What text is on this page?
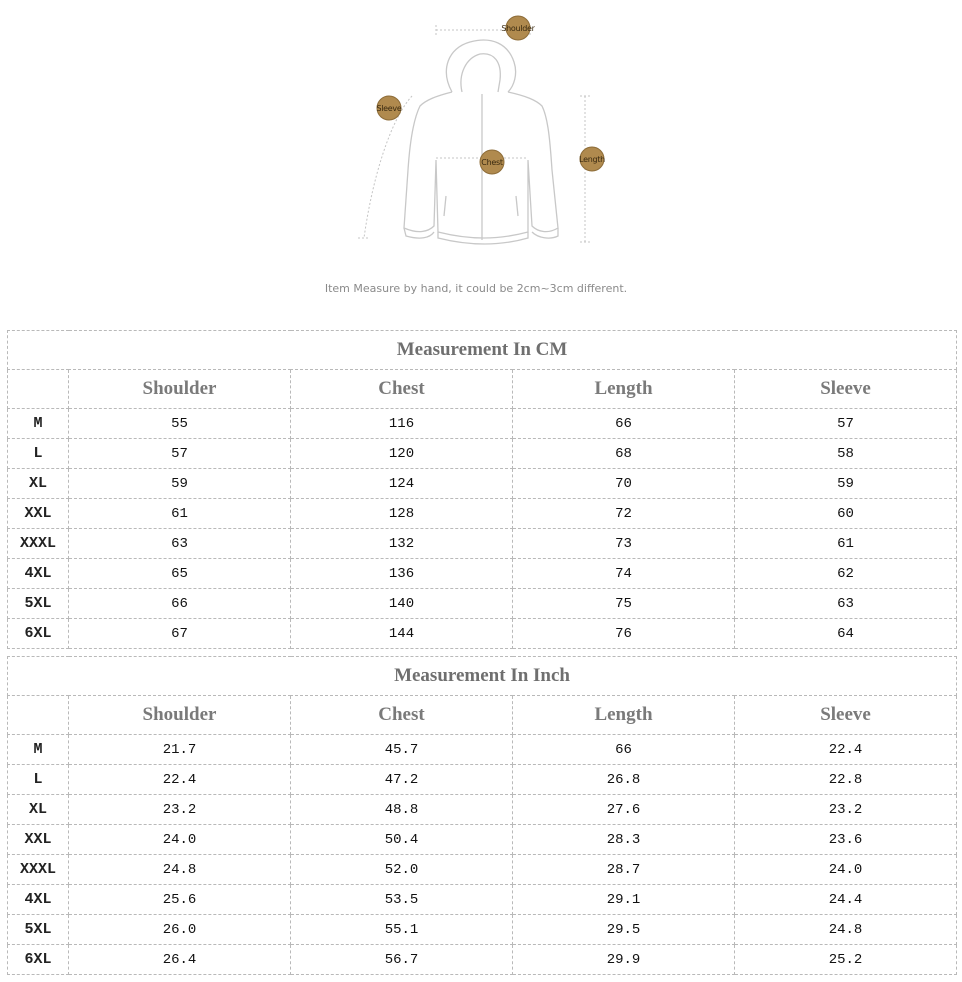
Shoulder
Sleeve
Chest	Length
Item Measure by hand, it could be 2cm~3cm different.
Measurement In CM				
	Shoulder	Chest	Length	Sleeve
M	55	116	66	57
L	57	120	68	58
XL	59	124	70	59
XXL	61	128	72	60
XXXL	63	132	73	61
4XL	65	136	74	62
5XL	66	140	75	63
6XL	67	144	76	64
Measurement In Inch				
	Shoulder	Chest	Length	Sleeve
M	21.7	45.7	66	22.4
L	22.4	47.2	26.8	22.8
XL	23.2	48.8	27.6	23.2
XXL	24.0	50.4	28.3	23.6
XXXL	24.8	52.0	28.7	24.0
4XL	25.6	53.5	29.1	24.4
5XL	26.0	55.1	29.5	24.8
6XL	26.4	56.7	29.9	25.2
